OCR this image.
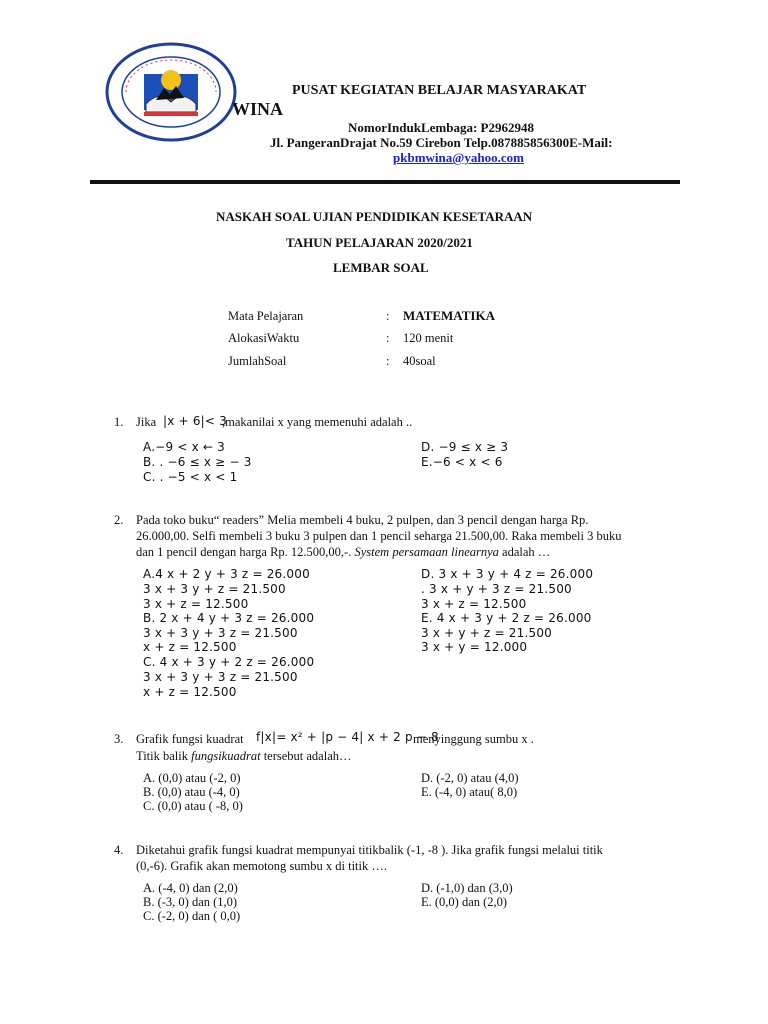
PUSAT KEGIATAN BELAJAR MASYARAKAT
WINA
NomorIndukLembaga: P2962948
Jl. PangeranDrajat No.59 Cirebon Telp.087885856300E-Mail:
pkbmwina@yahoo.com
NASKAH SOAL UJIAN PENDIDIKAN KESETARAAN
TAHUN PELAJARAN 2020/2021
LEMBAR SOAL
Mata Pelajaran	: MATEMATIKA
AlokasiWaktu	: 120 menit
JumlahSoal	: 40soal
1. Jika |x + 6|< 3
,makanilai x yang memenuhi adalah ..
A.−9 < x ← 3
B. . −6 ≤ x ≥ − 3
C. . −5 < x < 1
D. −9 ≤ x ≥ 3
E.−6 < x < 6
2. Pada toko buku“ readers” Melia membeli 4 buku, 2 pulpen, dan 3 pencil dengan harga Rp.
26.000,00. Selfi membeli 3 buku 3 pulpen dan 1 pencil seharga 21.500,00. Raka membeli 3 buku
dan 1 pencil dengan harga Rp. 12.500,00,-. System persamaan linearnya adalah …
A.4 x + 2 y + 3 z = 26.000
3 x + 3 y + z = 21.500
3 x + z = 12.500
B. 2 x + 4 y + 3 z = 26.000
3 x + 3 y + 3 z = 21.500
x + z = 12.500
C. 4 x + 3 y + 2 z = 26.000
3 x + 3 y + 3 z = 21.500
x + z = 12.500
D. 3 x + 3 y + 4 z = 26.000
. 3 x + y + 3 z = 21.500
3 x + z = 12.500
E. 4 x + 3 y + 2 z = 26.000
3 x + y + z = 21.500
3 x + y = 12.000
3. Grafik fungsi kuadrat f|x|= x² + |p − 4| x + 2 p − 8
menyinggung sumbu x .
Titik balik fungsikuadrat tersebut adalah…
A. (0,0) atau (-2, 0)
B. (0,0) atau (-4, 0)
C. (0,0) atau ( -8, 0)
D. (-2, 0) atau (4,0)
E. (-4, 0) atau( 8,0)
4. Diketahui grafik fungsi kuadrat mempunyai titikbalik (-1, -8 ). Jika grafik fungsi melalui titik
(0,-6). Grafik akan memotong sumbu x di titik ….
A. (-4, 0) dan (2,0)
B. (-3, 0) dan (1,0)
C. (-2, 0) dan ( 0,0)
D. (-1,0) dan (3,0)
E. (0,0) dan (2,0)
